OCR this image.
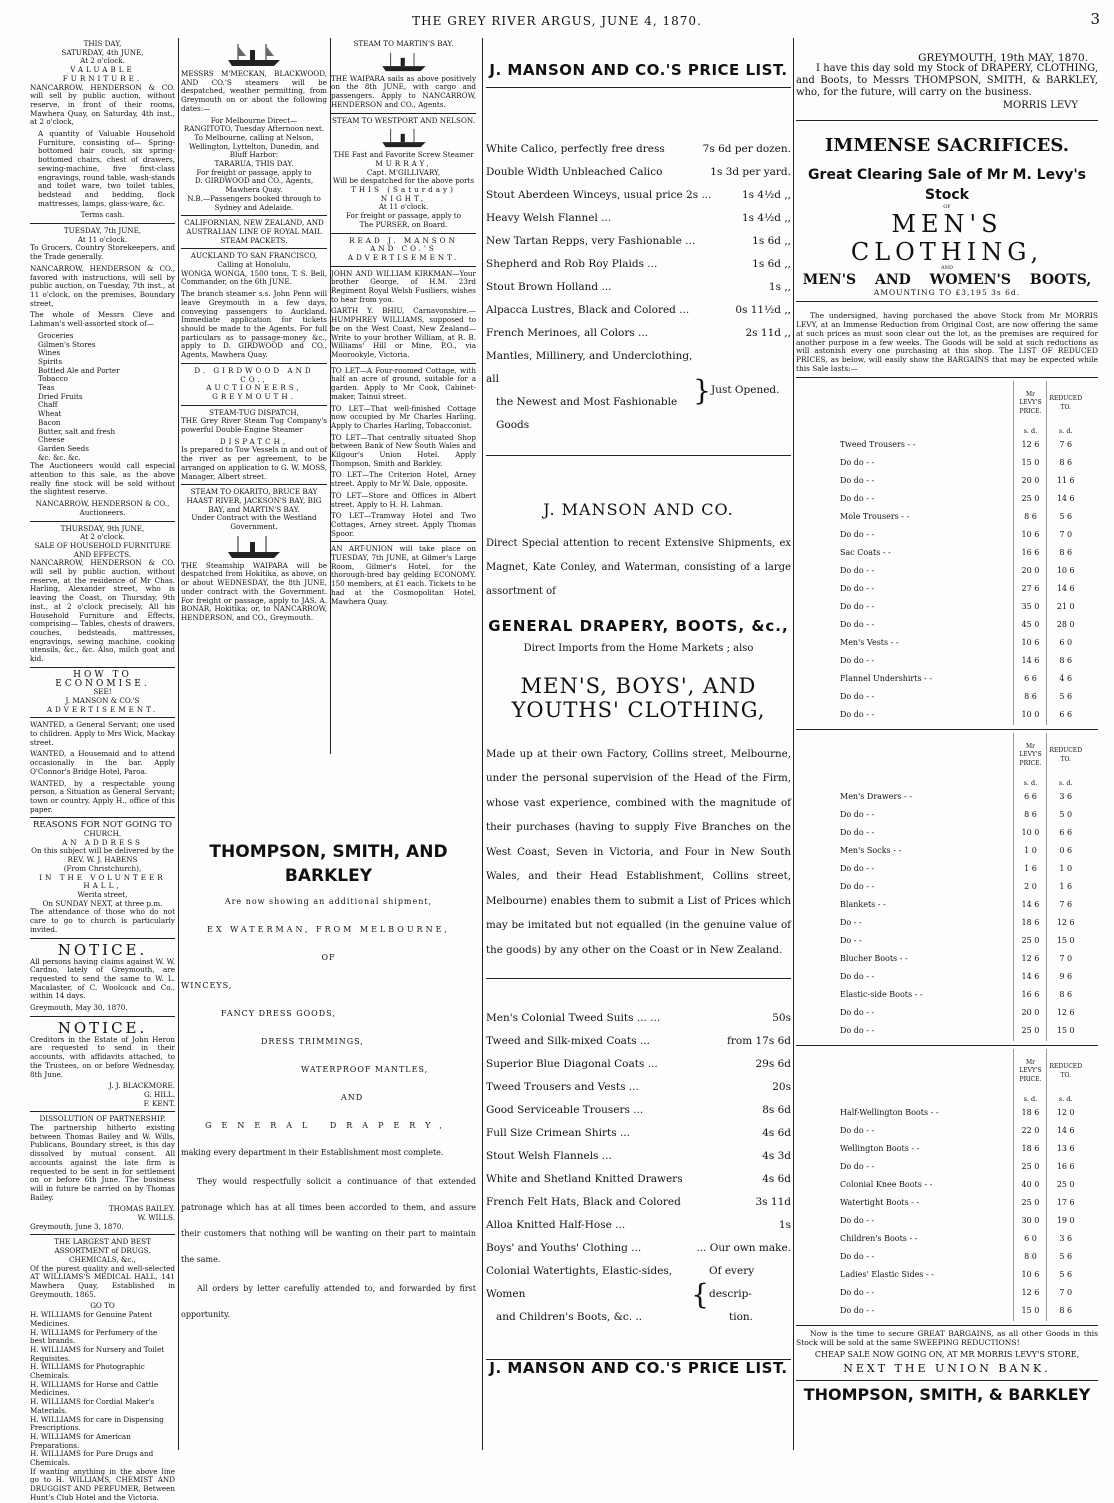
THE GREY RIVER ARGUS, JUNE 4, 1870.	3
THIS DAY,
SATURDAY, 4th JUNE,
At 2 o'clock.
VALUABLE FURNITURE.

NANCARROW, HENDERSON & CO. will sell by public auction, without reserve, in front of their rooms, Mawhera Quay, on Saturday, 4th inst., at 2 o'clock,

A quantity of Valuable Household Furniture, consisting of— Spring-bottomed hair couch, six spring-bottomed chairs, chest of drawers, sewing-machine, five first-class engravings, round table, wash-stands and toilet ware, two toilet tables, bedstead and bedding, flock mattresses, lamps, glass-ware, &c.

Terms cash.
TUESDAY, 7th JUNE,
At 11 o'clock.

To Grocers, Country Storekeepers, and the Trade generally.

NANCARROW, HENDERSON & CO., favored with instructions, will sell by public auction, on Tuesday, 7th inst., at 11 o'clock, on the premises, Boundary street,

The whole of Messrs Cleve and Lahman's well-assorted stock of—

Groceries
Gilmen's Stores
Wines
Spirits
Bottled Ale and Porter
Tobacco
Teas
Dried Fruits
Chaff
Wheat
Bacon
Butter, salt and fresh
Cheese
Garden Seeds
&c. &c. &c.

The Auctioneers would call especial attention to this sale, as the above really fine stock will be sold without the slightest reserve.

NANCARROW, HENDERSON & CO., Auctioneers.
THURSDAY, 9th JUNE,
At 2 o'clock.
SALE OF HOUSEHOLD FURNITURE AND EFFECTS.

NANCARROW, HENDERSON & CO. will sell by public auction, without reserve, at the residence of Mr Chas. Harling, Alexander street, who is leaving the Coast, on Thursday, 9th inst., at 2 o'clock precisely, All his Household Furniture and Effects, comprising— Tables, chests of drawers, couches, bedsteads, mattresses, engravings, sewing machine, cooking utensils, &c., &c. Also, milch goat and kid.

HOW TO ECONOMISE.
SEE!
J. MANSON & CO.'S
ADVERTISEMENT.

WANTED, a General Servant; one used to children. Apply to Mrs Wick, Mackay street.

WANTED, a Housemaid and to attend occasionally in the bar. Apply O'Connor's Bridge Hotel, Paroa.

WANTED, by a respectable young person, a Situation as General Servant; town or country. Apply H., office of this paper.

REASONS FOR NOT GOING TO
CHURCH.
AN ADDRESS
On this subject will be delivered by the
REV. W. J. HABENS
(From Christchurch),
IN THE VOLUNTEER HALL,
Werita street,
On SUNDAY NEXT, at three p.m.

The attendance of those who do not care to go to church is particularly invited.

NOTICE.

All persons having claims against W. W. Cardno, lately of Greymouth, are requested to send the same to W. L. Macalaster, of C. Woolcock and Co., within 14 days.

Greymouth, May 30, 1870.
NOTICE.

Creditors in the Estate of John Heron are requested to send in their accounts, with affidavits attached, to the Trustees, on or before Wednesday, 8th June.

J. J. BLACKMORE.
G. HILL.
F. KENT.
DISSOLUTION OF PARTNERSHIP.

The partnership hitherto existing between Thomas Bailey and W. Wills, Publicans, Boundary street, is this day dissolved by mutual consent. All accounts against the late firm is requested to be sent in for settlement on or before 6th June. The business will in future be carried on by Thomas Bailey.

THOMAS BAILEY.
W. WILLS.
Greymouth, June 3, 1870.
THE LARGEST AND BEST ASSORTMENT of DRUGS, CHEMICALS, &c.,

Of the purest quality and well-selected AT WILLIAMS'S MEDICAL HALL, 141 Mawhera Quay, Established in Greymouth, 1865.

GO TO
H. WILLIAMS for Genuine Patent Medicines.
H. WILLIAMS for Perfumery of the best brands.
H. WILLIAMS for Nursery and Toilet Requisites.
H. WILLIAMS for Photographic Chemicals.
H. WILLIAMS for Horse and Cattle Medicines.
H. WILLIAMS for Cordial Maker's Materials.
H. WILLIAMS for care in Dispensing Prescriptions.
H. WILLIAMS for American Preparations.
H. WILLIAMS for Pure Drugs and Chemicals.

If wanting anything in the above line go to H. WILLIAMS, CHEMIST AND DRUGGIST AND PERFUMER, Between Hunt's Club Hotel and the Victoria.

MESSRS M'MECKAN, BLACKWOOD, AND CO.'S steamers will be despatched, weather permitting, from Greymouth on or about the following dates:—

For Melbourne Direct—
RANGITOTO, Tuesday Afternoon next.
To Melbourne, calling at Nelson, Wellington, Lyttelton, Dunedin, and Bluff Harbor:
TARARUA, THIS DAY.
For freight or passage, apply to
D. GIRDWOOD and CO., Agents, Mawhera Quay.
N.B.—Passengers booked through to Sydney and Adelaide.
CALIFORNIAN, NEW ZEALAND, AND AUSTRALIAN LINE OF ROYAL MAIL STEAM PACKETS.
AUCKLAND TO SAN FRANCISCO, Calling at Honolulu.

WONGA WONGA, 1500 tons, T. S. Bell, Commander, on the 6th JUNE.

The branch steamer s.s. John Penn will leave Greymouth in a few days, conveying passengers to Auckland. Immediate application for tickets should be made to the Agents. For full particulars as to passage-money &c., apply to D. GIRDWOOD and CO., Agents, Mawhera Quay.

D. GIRDWOOD AND CO.,
AUCTIONEERS,
GREYMOUTH.
STEAM-TUG DISPATCH,

THE Grey River Steam Tug Company's powerful Double-Engine Steamer

DISPATCH,

Is prepared to Tow Vessels in and out of the river as per agreement, to be arranged on application to G. W. MOSS, Manager, Albert street.

STEAM TO OKARITO, BRUCE BAY HAAST RIVER, JACKSON'S BAY, BIG BAY, and MARTIN'S BAY.
Under Contract with the Westland Government.

THE Steamship WAIPARA will be despatched from Hokitika, as above, on or about WEDNESDAY, the 8th JUNE, under contract with the Government. For freight or passage, apply to JAS. A. BONAR, Hokitika; or, to NANCARROW, HENDERSON, and CO., Greymouth.

STEAM TO MARTIN'S BAY.

THE WAIPARA sails as above positively on the 8th JUNE, with cargo and passengers. Apply to NANCARROW, HENDERSON and CO., Agents.

STEAM TO WESTPORT AND NELSON.
THE Fast and Favorite Screw Steamer
MURRAY,
Capt. M'GILLIVARY,
Will be despatched for the above ports
THIS (Saturday) NIGHT,
At 11 o'clock.
For freight or passage, apply to
The PURSER, on Board.
READ J. MANSON
AND CO.'S
ADVERTISEMENT.

JOHN AND WILLIAM KIRKMAN—Your brother George, of H.M. 23rd Regiment Royal Welsh Fusiliers, wishes to hear from you.

GARTH Y. BHIU, Carnavonshire.—HUMPHREY WILLIAMS, supposed to be on the West Coast, New Zealand—Write to your brother William, at R. B. Williams' Hill or Mine, P.O., via Moorookyle, Victoria.

TO LET—A Four-roomed Cottage, with half an acre of ground, suitable for a garden. Apply to Mr Cook, Cabinet-maker, Tainui street.

TO LET—That well-finished Cottage now occupied by Mr Charles Harling. Apply to Charles Harling, Tobacconist.

TO LET—That centrally situated Shop between Bank of New South Wales and Kilgour's Union Hotel. Apply Thompson, Smith and Barkley.

TO LET—The Criterion Hotel, Arney street. Apply to Mr W. Dale, opposite.

TO LET—Store and Offices in Albert street. Apply to H. H. Lahman.

TO LET—Tramway Hotel and Two Cottages, Arney street. Apply Thomas Spoor.

AN ART-UNION will take place on TUESDAY, 7th JUNE, at Gilmer's Large Room, Gilmer's Hotel, for the thorough-bred bay gelding ECONOMY. 150 members, at £1 each. Tickets to be had at the Cosmopolitan Hotel, Mawhera Quay.

THOMPSON, SMITH, AND BARKLEY
Are now showing an additional shipment,
EX WATERMAN, FROM MELBOURNE,
OF
WINCEYS,
FANCY DRESS GOODS,
DRESS TRIMMINGS,
WATERPROOF MANTLES,
AND
GENERAL DRAPERY,

making every department in their Establishment most complete.

They would respectfully solicit a continuance of that extended patronage which has at all times been accorded to them, and assure their customers that nothing will be wanting on their part to maintain the same.

All orders by letter carefully attended to, and forwarded by first opportunity.

J. MANSON AND CO.'S PRICE LIST.
White Calico, perfectly free dress	7s 6d per dozen.
Double Width Unbleached Calico	1s 3d per yard.
Stout Aberdeen Winceys, usual price 2s ...	1s 4½d ,,
Heavy Welsh Flannel ...	1s 4½d ,,
New Tartan Repps, very Fashionable ...	1s 6d ,,
Shepherd and Rob Roy Plaids ...	1s 6d ,,
Stout Brown Holland ...	1s ,,
Alpacca Lustres, Black and Colored ...	0s 11½d ,,
French Merinoes, all Colors ...	2s 11d ,,
Mantles, Millinery, and Underclothing, all
the Newest and Most Fashionable Goods
} Just Opened.
J. MANSON AND CO.

Direct Special attention to recent Extensive Shipments, ex Magnet, Kate Conley, and Waterman, consisting of a large assortment of

GENERAL DRAPERY, BOOTS, &c.,
Direct Imports from the Home Markets ; also
MEN'S, BOYS', AND YOUTHS' CLOTHING,

Made up at their own Factory, Collins street, Melbourne, under the personal supervision of the Head of the Firm, whose vast experience, combined with the magnitude of their purchases (having to supply Five Branches on the West Coast, Seven in Victoria, and Four in New South Wales, and their Head Establishment, Collins street, Melbourne) enables them to submit a List of Prices which may be imitated but not equalled (in the genuine value of the goods) by any other on the Coast or in New Zealand.

Men's Colonial Tweed Suits ... ...	50s
Tweed and Silk-mixed Coats ...	from 17s 6d
Superior Blue Diagonal Coats ...	29s 6d
Tweed Trousers and Vests ...	20s
Good Serviceable Trousers ...	8s 6d
Full Size Crimean Shirts ...	4s 6d
Stout Welsh Flannels ...	4s 3d
White and Shetland Knitted Drawers	4s 6d
French Felt Hats, Black and Colored	3s 11d
Alloa Knitted Half-Hose ...	1s
Boys' and Youths' Clothing ...	... Our own make.
Colonial Watertights, Elastic-sides, Women
and Children's Boots, &c. ..
{
Of every descrip-
tion.
J. MANSON AND CO.'S PRICE LIST.
GREYMOUTH, 19th MAY, 1870.

I have this day sold my Stock of DRAPERY, CLOTHING, and Boots, to Messrs THOMPSON, SMITH, & BARKLEY, who, for the future, will carry on the business.

MORRIS LEVY
IMMENSE SACRIFICES.
Great Clearing Sale of Mr M. Levy's Stock
OF
MEN'S CLOTHING,
AND
MEN'S AND WOMEN'S BOOTS,
AMOUNTING TO £3,195 3s 6d.

The undersigned, having purchased the above Stock from Mr MORRIS LEVY, at an Immense Reduction from Original Cost, are now offering the same at such prices as must soon clear out the lot, as the premises are required for another purpose in a few weeks. The Goods will be sold at such reductions as will astonish every one purchasing at this shop. The LIST OF REDUCED PRICES, as below, will easily show the BARGAINS that may be expected while this Sale lasts:—

	Mr LEVY'S PRICE.	REDUCED TO.
	s. d.	s. d.
Tweed Trousers - -	12 6	7 6
Do do - -	15 0	8 6
Do do - -	20 0	11 6
Do do - -	25 0	14 6
Mole Trousers - -	8 6	5 6
Do do - -	10 6	7 0
Sac Coats - -	16 6	8 6
Do do - -	20 0	10 6
Do do - -	27 6	14 6
Do do - -	35 0	21 0
Do do - -	45 0	28 0
Men's Vests - -	10 6	6 0
Do do - -	14 6	8 6
Flannel Undershirts - -	6 6	4 6
Do do - -	8 6	5 6
Do do - -	10 0	6 6
	Mr LEVY'S PRICE.	REDUCED TO.
	s. d.	s. d.
Men's Drawers - -	6 6	3 6
Do do - -	8 6	5 0
Do do - -	10 0	6 6
Men's Socks - -	1 0	0 6
Do do - -	1 6	1 0
Do do - -	2 0	1 6
Blankets - -	14 6	7 6
Do - -	18 6	12 6
Do - -	25 0	15 0
Blucher Boots - -	12 6	7 0
Do do - -	14 6	9 6
Elastic-side Boots - -	16 6	8 6
Do do - -	20 0	12 6
Do do - -	25 0	15 0
	Mr LEVY'S PRICE.	REDUCED TO.
	s. d.	s. d.
Half-Wellington Boots - -	18 6	12 0
Do do - -	22 0	14 6
Wellington Boots - -	18 6	13 6
Do do - -	25 0	16 6
Colonial Knee Boots - -	40 0	25 0
Watertight Boots - -	25 0	17 6
Do do - -	30 0	19 0
Children's Boots - -	6 0	3 6
Do do - -	8 0	5 6
Ladies' Elastic Sides - -	10 6	5 6
Do do - -	12 6	7 0
Do do - -	15 0	8 6

Now is the time to secure GREAT BARGAINS, as all other Goods in this Stock will be sold at the same SWEEPING REDUCTIONS!

CHEAP SALE NOW GOING ON, AT MR MORRIS LEVY'S STORE,
NEXT THE UNION BANK.
THOMPSON, SMITH, & BARKLEY
